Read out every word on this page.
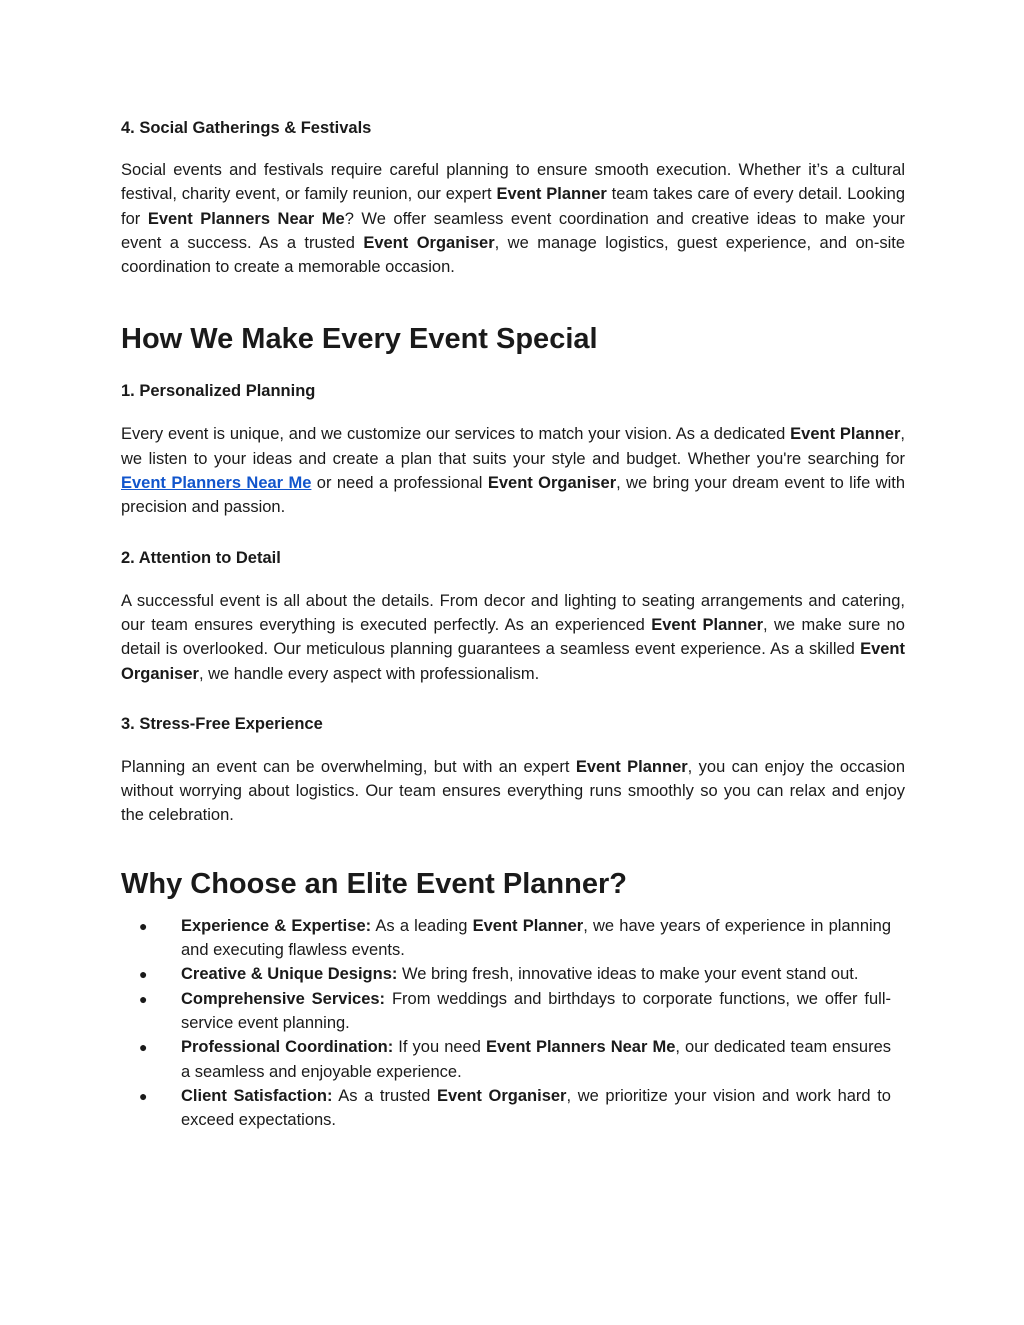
4. Social Gatherings & Festivals

Social events and festivals require careful planning to ensure smooth execution. Whether it’s a cultural festival, charity event, or family reunion, our expert Event Planner team takes care of every detail. Looking for Event Planners Near Me? We offer seamless event coordination and creative ideas to make your event a success. As a trusted Event Organiser, we manage logistics, guest experience, and on-site coordination to create a memorable occasion.

How We Make Every Event Special
1. Personalized Planning

Every event is unique, and we customize our services to match your vision. As a dedicated Event Planner, we listen to your ideas and create a plan that suits your style and budget. Whether you're searching for Event Planners Near Me or need a professional Event Organiser, we bring your dream event to life with precision and passion.

2. Attention to Detail

A successful event is all about the details. From decor and lighting to seating arrangements and catering, our team ensures everything is executed perfectly. As an experienced Event Planner, we make sure no detail is overlooked. Our meticulous planning guarantees a seamless event experience. As a skilled Event Organiser, we handle every aspect with professionalism.

3. Stress-Free Experience

Planning an event can be overwhelming, but with an expert Event Planner, you can enjoy the occasion without worrying about logistics. Our team ensures everything runs smoothly so you can relax and enjoy the celebration.

Why Choose an Elite Event Planner?
● Experience & Expertise: As a leading Event Planner, we have years of experience in planning and executing flawless events.
● Creative & Unique Designs: We bring fresh, innovative ideas to make your event stand out.
● Comprehensive Services: From weddings and birthdays to corporate functions, we offer full-service event planning.
● Professional Coordination: If you need Event Planners Near Me, our dedicated team ensures a seamless and enjoyable experience.
● Client Satisfaction: As a trusted Event Organiser, we prioritize your vision and work hard to exceed expectations.
